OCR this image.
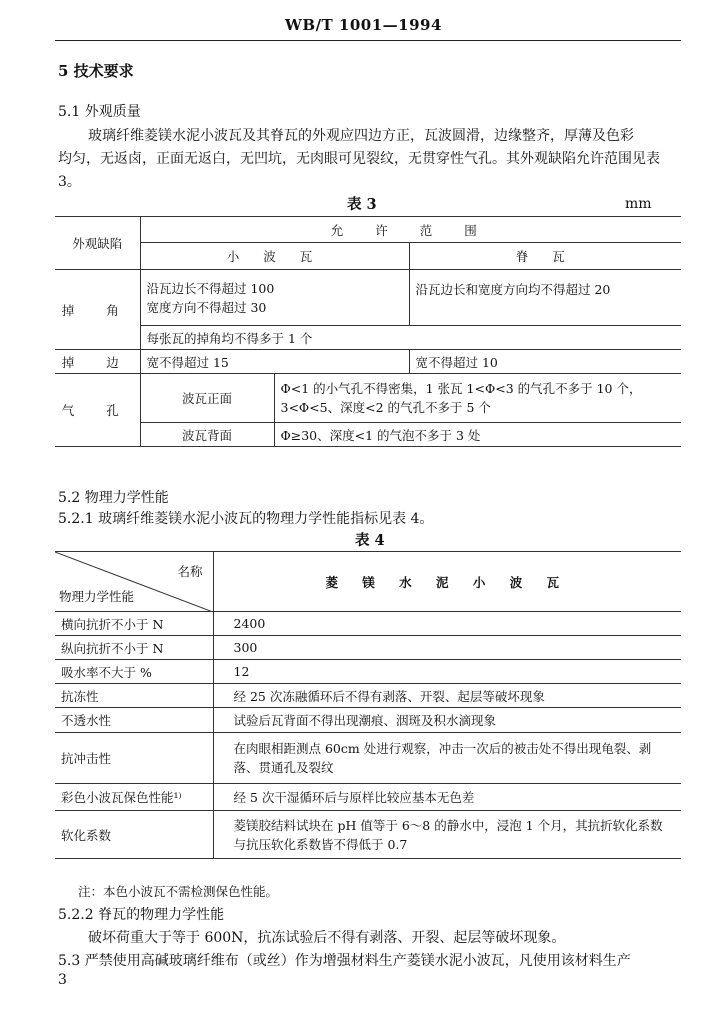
WB/T 1001—1994
5 技术要求
5.1 外观质量
玻璃纤维菱镁水泥小波瓦及其脊瓦的外观应四边方正，瓦波圆滑，边缘整齐，厚薄及色彩
均匀，无返卤，正面无返白，无凹坑，无肉眼可见裂纹，无贯穿性气孔。其外观缺陷允许范围见表
3。
表 3	mm
外观缺陷	允 许 范 围		
	小 波 瓦		脊 瓦
掉 角	沿瓦边长不得超过 100
宽度方向不得超过 30		沿瓦边长和宽度方向均不得超过 20
	每张瓦的掉角均不得多于 1 个		
掉 边	宽不得超过 15		宽不得超过 10
气 孔	波瓦正面	Φ<1 的小气孔不得密集，1 张瓦 1<Φ<3 的气孔不多于 10 个，
3<Φ<5、深度<2 的气孔不多于 5 个	

	波瓦背面	Φ≥30、深度<1 的气泡不多于 3 处	
5.2 物理力学性能
5.2.1 玻璃纤维菱镁水泥小波瓦的物理力学性能指标见表 4。
表 4
名称
物理力学性能	菱 镁 水 泥 小 波 瓦
横向抗折不小于 N	2400
纵向抗折不小于 N	300
吸水率不大于 %	12
抗冻性	经 25 次冻融循环后不得有剥落、开裂、起层等破坏现象
不透水性	试验后瓦背面不得出现潮痕、洇斑及积水滴现象
抗冲击性	在肉眼相距测点 60cm 处进行观察，冲击一次后的被击处不得出现龟裂、剥
落、贯通孔及裂纹

彩色小波瓦保色性能¹⁾	经 5 次干湿循环后与原样比较应基本无色差
软化系数	菱镁胶结料试块在 pH 值等于 6～8 的静水中，浸泡 1 个月，其抗折软化系数
与抗压软化系数皆不得低于 0.7
注：本色小波瓦不需检测保色性能。
5.2.2 脊瓦的物理力学性能
破坏荷重大于等于 600N，抗冻试验后不得有剥落、开裂、起层等破坏现象。
5.3 严禁使用高碱玻璃纤维布（或丝）作为增强材料生产菱镁水泥小波瓦，凡使用该材料生产
3
